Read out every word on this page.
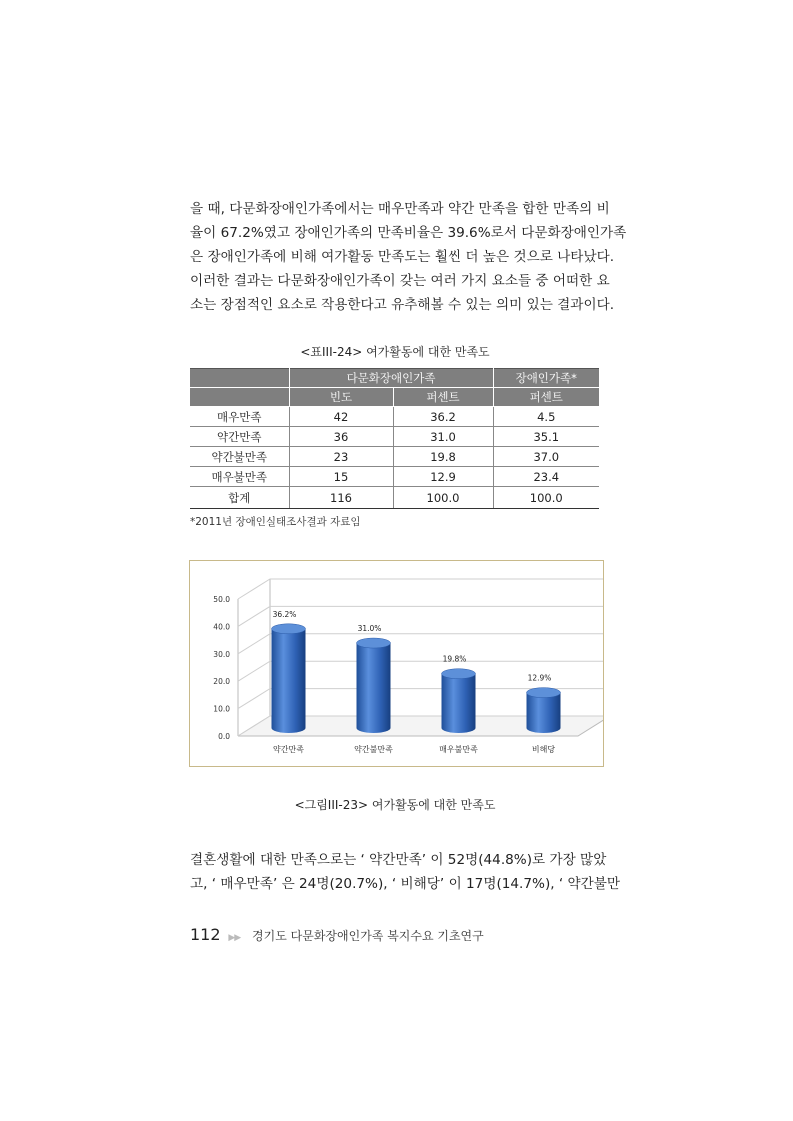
을 때, 다문화장애인가족에서는 매우만족과 약간 만족을 합한 만족의 비
율이 67.2%였고 장애인가족의 만족비율은 39.6%로서 다문화장애인가족
은 장애인가족에 비해 여가활동 만족도는 훨씬 더 높은 것으로 나타났다.
이러한 결과는 다문화장애인가족이 갖는 여러 가지 요소들 중 어떠한 요
소는 장점적인 요소로 작용한다고 유추해볼 수 있는 의미 있는 결과이다.
<표III-24> 여가활동에 대한 만족도
	다문화장애인가족		장애인가족*
	빈도	퍼센트	퍼센트
매우만족	42	36.2	4.5
약간만족	36	31.0	35.1
약간불만족	23	19.8	37.0
매우불만족	15	12.9	23.4
합계	116	100.0	100.0
*2011년 장애인실태조사결과 자료임
50.0
40.0
30.0
20.0
10.0
0.0
36.2%
약간만족
31.0%
약간불만족
19.8%
매우불만족
12.9%
비해당
<그림III-23> 여가활동에 대한 만족도
결혼생활에 대한 만족으로는 ‘ 약간만족’ 이 52명(44.8%)로 가장 많았
고, ‘ 매우만족’ 은 24명(20.7%), ‘ 비해당’ 이 17명(14.7%), ‘ 약간불만
112 ▶▶ 경기도 다문화장애인가족 복지수요 기초연구
